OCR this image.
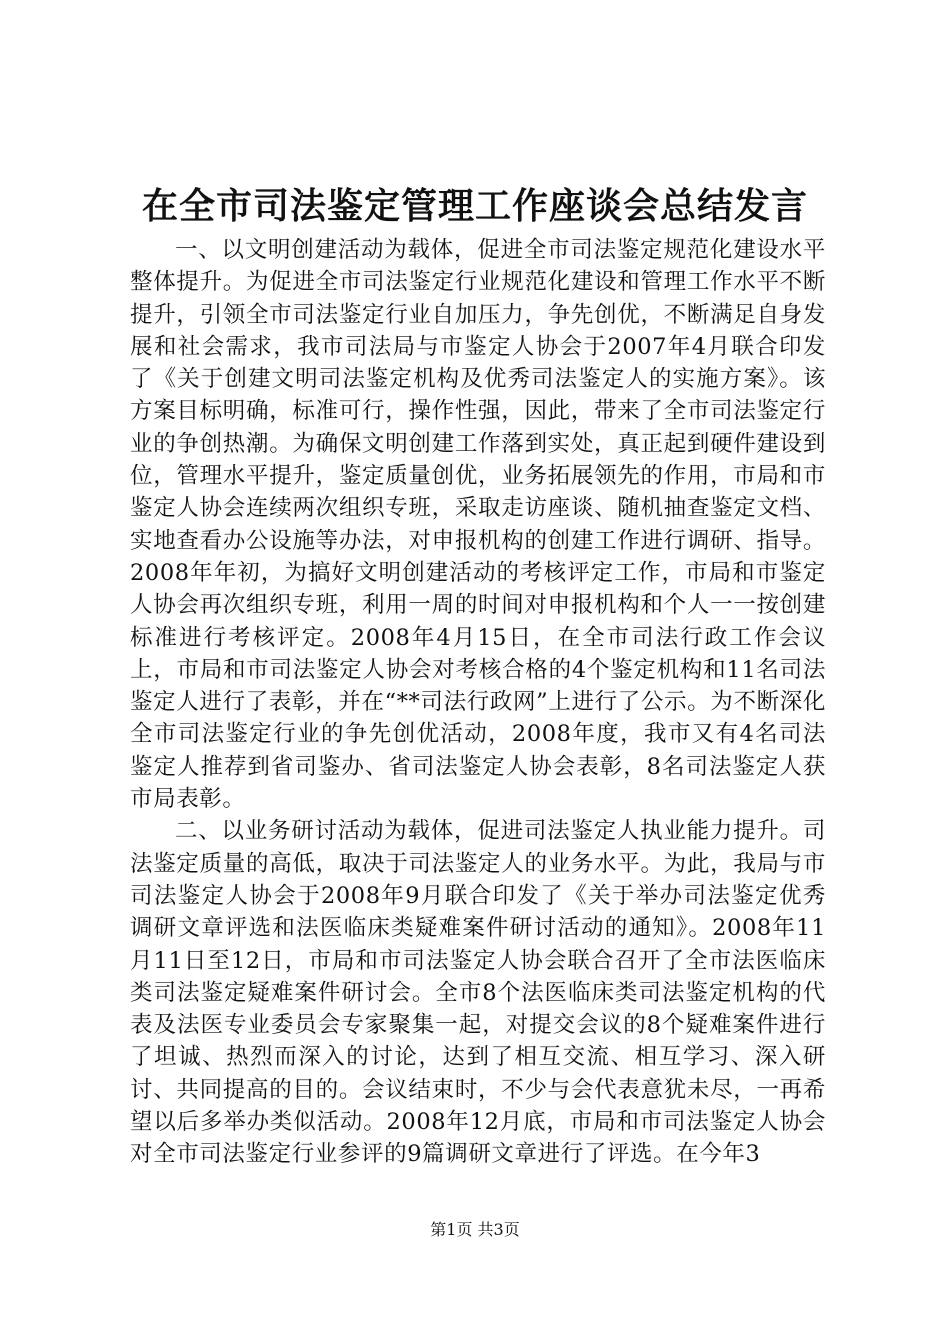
在全市司法鉴定管理工作座谈会总结发言

一、以文明创建活动为载体，促进全市司法鉴定规范化建设水平整体提升。为促进全市司法鉴定行业规范化建设和管理工作水平不断提升，引领全市司法鉴定行业自加压力，争先创优，不断满足自身发展和社会需求，我市司法局与市鉴定人协会于2007年4月联合印发了《关于创建文明司法鉴定机构及优秀司法鉴定人的实施方案》。该方案目标明确，标准可行，操作性强，因此，带来了全市司法鉴定行业的争创热潮。为确保文明创建工作落到实处，真正起到硬件建设到位，管理水平提升，鉴定质量创优，业务拓展领先的作用，市局和市鉴定人协会连续两次组织专班，采取走访座谈、随机抽查鉴定文档、实地查看办公设施等办法，对申报机构的创建工作进行调研、指导。2008年年初，为搞好文明创建活动的考核评定工作，市局和市鉴定人协会再次组织专班，利用一周的时间对申报机构和个人一一按创建标准进行考核评定。2008年4月15日，在全市司法行政工作会议上，市局和市司法鉴定人协会对考核合格的4个鉴定机构和11名司法鉴定人进行了表彰，并在“**司法行政网”上进行了公示。为不断深化全市司法鉴定行业的争先创优活动，2008年度，我市又有4名司法鉴定人推荐到省司鉴办、省司法鉴定人协会表彰，8名司法鉴定人获市局表彰。

二、以业务研讨活动为载体，促进司法鉴定人执业能力提升。司法鉴定质量的高低，取决于司法鉴定人的业务水平。为此，我局与市司法鉴定人协会于2008年9月联合印发了《关于举办司法鉴定优秀调研文章评选和法医临床类疑难案件研讨活动的通知》。2008年11月11日至12日，市局和市司法鉴定人协会联合召开了全市法医临床类司法鉴定疑难案件研讨会。全市8个法医临床类司法鉴定机构的代表及法医专业委员会专家聚集一起，对提交会议的8个疑难案件进行了坦诚、热烈而深入的讨论，达到了相互交流、相互学习、深入研讨、共同提高的目的。会议结束时，不少与会代表意犹未尽，一再希望以后多举办类似活动。2008年12月底，市局和市司法鉴定人协会对全市司法鉴定行业参评的9篇调研文章进行了评选。在今年3

第1页 共3页
